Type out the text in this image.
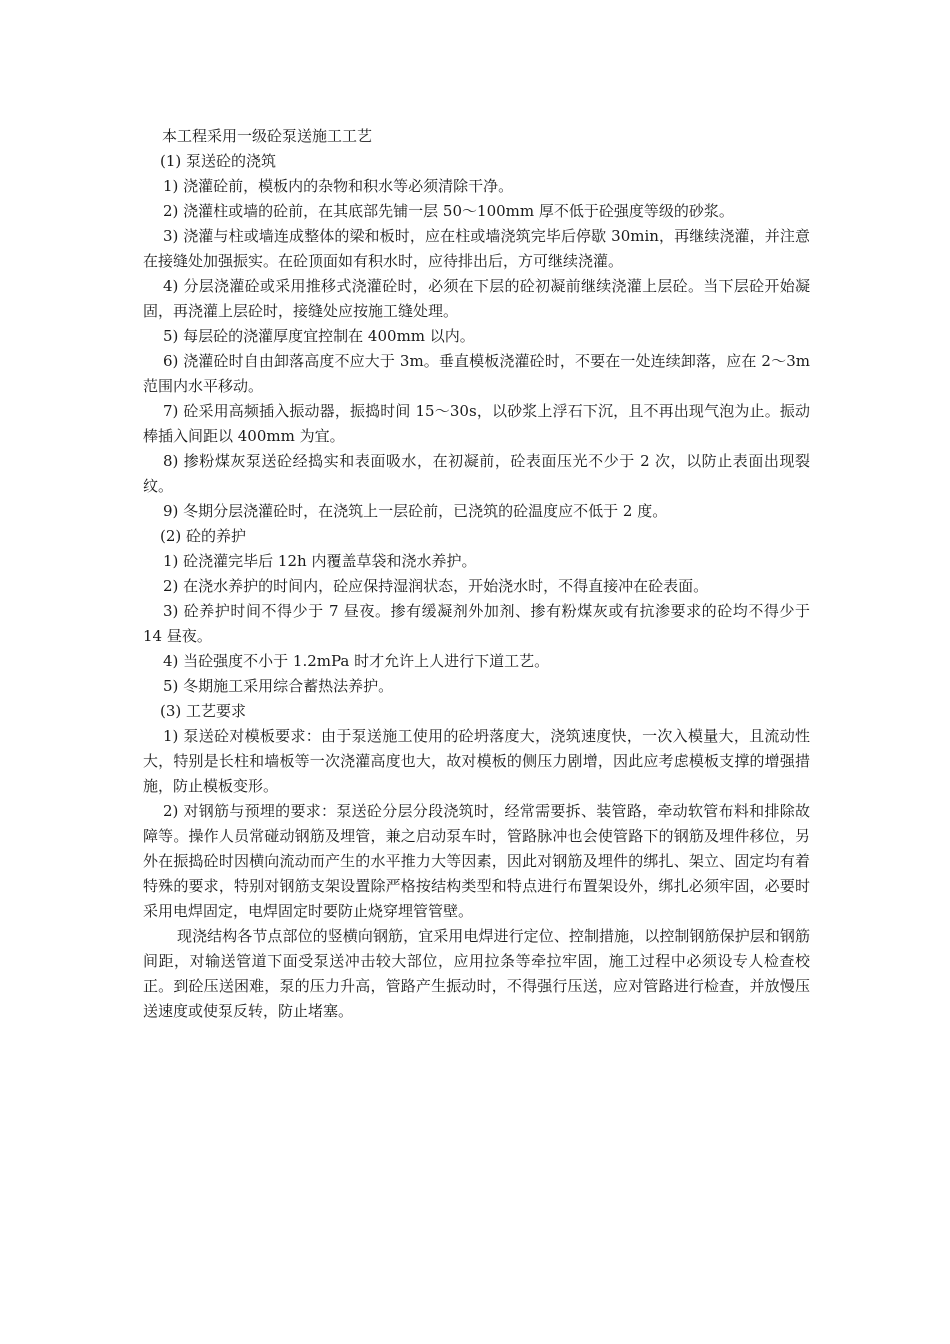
本工程采用一级砼泵送施工工艺

(1) 泵送砼的浇筑

1) 浇灌砼前，模板内的杂物和积水等必须清除干净。

2) 浇灌柱或墙的砼前，在其底部先铺一层 50～100mm 厚不低于砼强度等级的砂浆。

3) 浇灌与柱或墙连成整体的梁和板时，应在柱或墙浇筑完毕后停歇 30min，再继续浇灌，并注意在接缝处加强振实。在砼顶面如有积水时，应待排出后，方可继续浇灌。

4) 分层浇灌砼或采用推移式浇灌砼时，必须在下层的砼初凝前继续浇灌上层砼。当下层砼开始凝固，再浇灌上层砼时，接缝处应按施工缝处理。

5) 每层砼的浇灌厚度宜控制在 400mm 以内。

6) 浇灌砼时自由卸落高度不应大于 3m。垂直模板浇灌砼时，不要在一处连续卸落，应在 2～3m 范围内水平移动。

7) 砼采用高频插入振动器，振捣时间 15～30s，以砂浆上浮石下沉，且不再出现气泡为止。振动棒插入间距以 400mm 为宜。

8) 掺粉煤灰泵送砼经捣实和表面吸水，在初凝前，砼表面压光不少于 2 次，以防止表面出现裂纹。

9) 冬期分层浇灌砼时，在浇筑上一层砼前，已浇筑的砼温度应不低于 2 度。

(2) 砼的养护

1) 砼浇灌完毕后 12h 内覆盖草袋和浇水养护。

2) 在浇水养护的时间内，砼应保持湿润状态，开始浇水时，不得直接冲在砼表面。

3) 砼养护时间不得少于 7 昼夜。掺有缓凝剂外加剂、掺有粉煤灰或有抗渗要求的砼均不得少于 14 昼夜。

4) 当砼强度不小于 1.2mPa 时才允许上人进行下道工艺。

5) 冬期施工采用综合蓄热法养护。

(3) 工艺要求

1) 泵送砼对模板要求：由于泵送施工使用的砼坍落度大，浇筑速度快，一次入模量大，且流动性大，特别是长柱和墙板等一次浇灌高度也大，故对模板的侧压力剧增，因此应考虑模板支撑的增强措施，防止模板变形。

2) 对钢筋与预埋的要求：泵送砼分层分段浇筑时，经常需要拆、装管路，牵动软管布料和排除故障等。操作人员常碰动钢筋及埋管，兼之启动泵车时，管路脉冲也会使管路下的钢筋及埋件移位，另外在振捣砼时因横向流动而产生的水平推力大等因素，因此对钢筋及埋件的绑扎、架立、固定均有着特殊的要求，特别对钢筋支架设置除严格按结构类型和特点进行布置架设外，绑扎必须牢固，必要时采用电焊固定，电焊固定时要防止烧穿埋管管壁。

现浇结构各节点部位的竖横向钢筋，宜采用电焊进行定位、控制措施，以控制钢筋保护层和钢筋间距，对输送管道下面受泵送冲击较大部位，应用拉条等牵拉牢固，施工过程中必须设专人检查校正。到砼压送困难，泵的压力升高，管路产生振动时，不得强行压送，应对管路进行检查，并放慢压送速度或使泵反转，防止堵塞。
